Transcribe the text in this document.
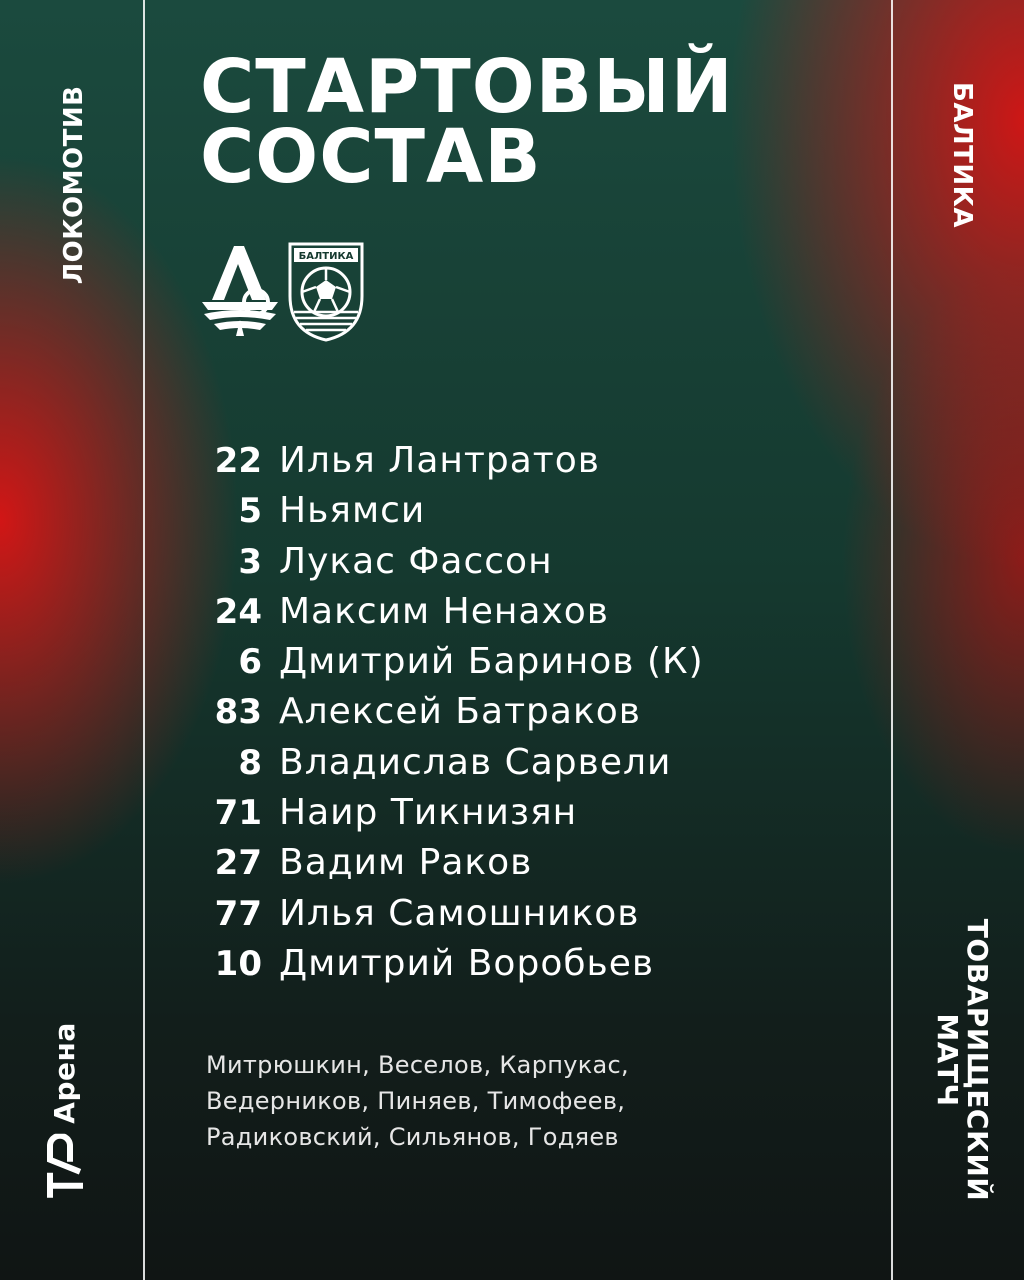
ЛОКОМОТИВ	БАЛТИКА
ТОВАРИЩЕСКИЙ
МАТЧ
Арена
СТАРТОВЫЙ
СОСТАВ
БАЛТИКА
22 Илья Лантратов
5 Ньямси
3 Лукас Фассон
24 Максим Ненахов
6 Дмитрий Баринов (К)
83 Алексей Батраков
8 Владислав Сарвели
71 Наир Тикнизян
27 Вадим Раков
77 Илья Самошников
10 Дмитрий Воробьев
Митрюшкин, Веселов, Карпукас,
Ведерников, Пиняев, Тимофеев,
Радиковский, Сильянов, Годяев
